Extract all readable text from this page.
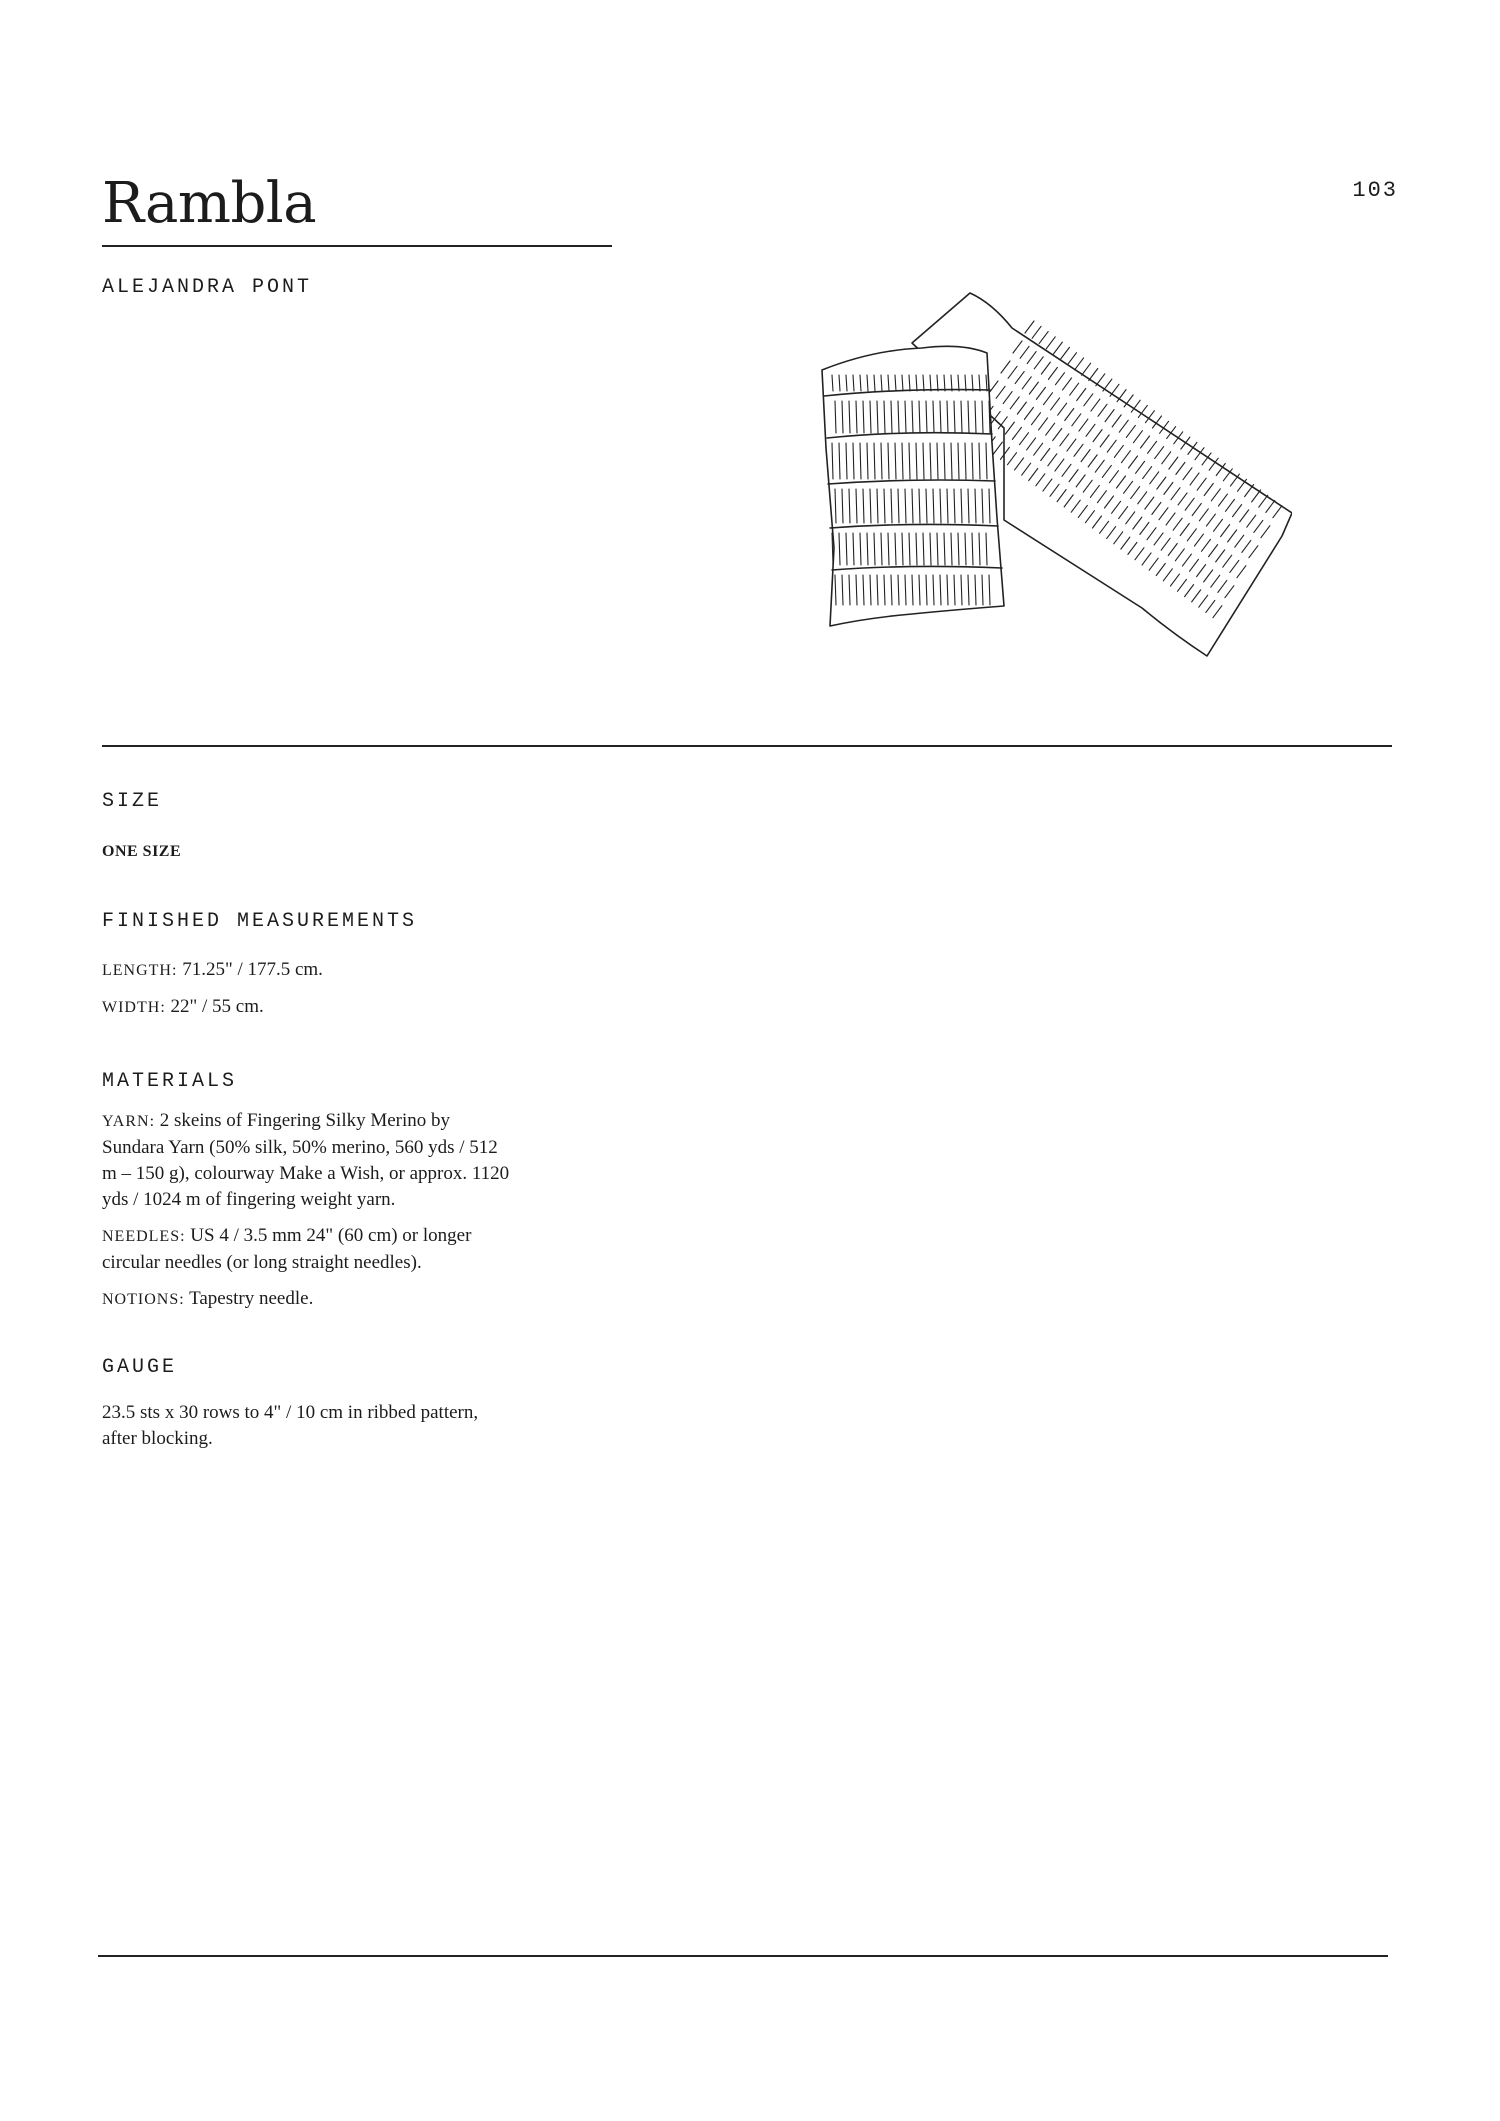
Rambla	103
ALEJANDRA PONT
SIZE

ONE SIZE

FINISHED MEASUREMENTS

LENGTH: 71.25" / 177.5 cm.

WIDTH: 22" / 55 cm.

MATERIALS

YARN: 2 skeins of Fingering Silky Merino by Sundara Yarn (50% silk, 50% merino, 560 yds / 512 m – 150 g), colourway Make a Wish, or approx. 1120 yds / 1024 m of fingering weight yarn.

NEEDLES: US 4 / 3.5 mm 24" (60 cm) or longer circular needles (or long straight needles).

NOTIONS: Tapestry needle.

GAUGE

23.5 sts x 30 rows to 4" / 10 cm in ribbed pattern, after blocking.
